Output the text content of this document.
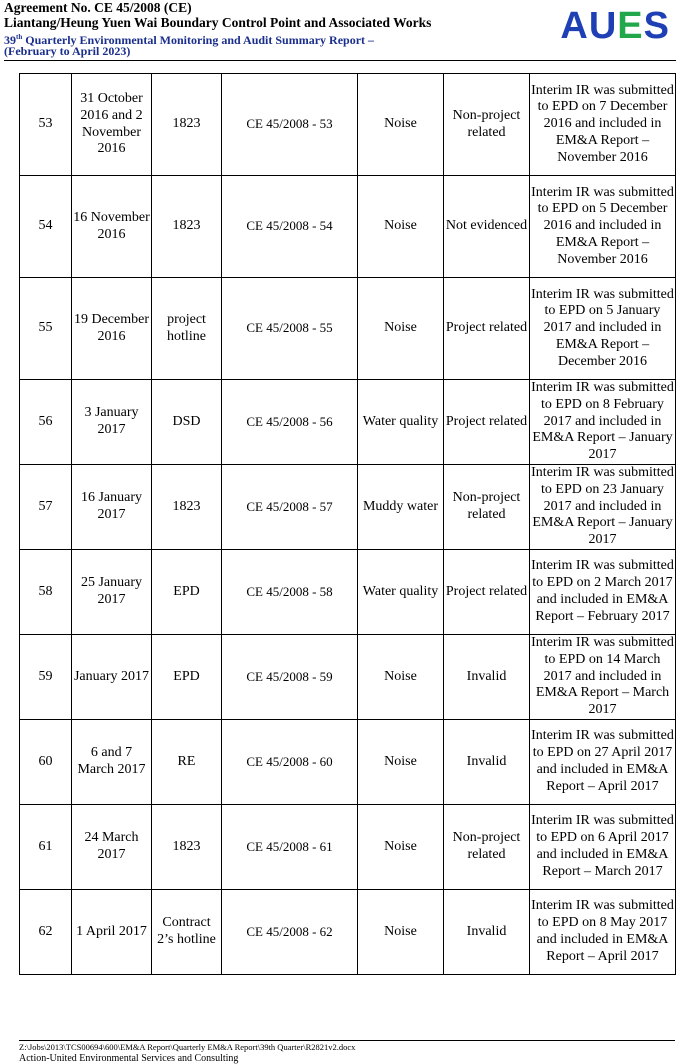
Agreement No. CE 45/2008 (CE)
Liantang/Heung Yuen Wai Boundary Control Point and Associated Works
39th Quarterly Environmental Monitoring and Audit Summary Report –
(February to April 2023)
AUES
53	31 October 2016 and 2 November 2016	1823	CE 45/2008 - 53	Noise	Non-project related	Interim IR was submitted to EPD on 7 December 2016 and included in EM&A Report – November 2016
54	16 November 2016	1823	CE 45/2008 - 54	Noise	Not evidenced	Interim IR was submitted to EPD on 5 December 2016 and included in EM&A Report – November 2016
55	19 December 2016	project hotline	CE 45/2008 - 55	Noise	Project related	Interim IR was submitted to EPD on 5 January 2017 and included in EM&A Report – December 2016
56	3 January 2017	DSD	CE 45/2008 - 56	Water quality	Project related	Interim IR was submitted to EPD on 8 February 2017 and included in EM&A Report – January 2017
57	16 January 2017	1823	CE 45/2008 - 57	Muddy water	Non-project related	Interim IR was submitted to EPD on 23 January 2017 and included in EM&A Report – January 2017
58	25 January 2017	EPD	CE 45/2008 - 58	Water quality	Project related	Interim IR was submitted to EPD on 2 March 2017 and included in EM&A Report – February 2017
59	January 2017	EPD	CE 45/2008 - 59	Noise	Invalid	Interim IR was submitted to EPD on 14 March 2017 and included in EM&A Report – March 2017
60	6 and 7 March 2017	RE	CE 45/2008 - 60	Noise	Invalid	Interim IR was submitted to EPD on 27 April 2017 and included in EM&A Report – April 2017
61	24 March 2017	1823	CE 45/2008 - 61	Noise	Non-project related	Interim IR was submitted to EPD on 6 April 2017 and included in EM&A Report – March 2017
62	1 April 2017	Contract 2’s hotline	CE 45/2008 - 62	Noise	Invalid	Interim IR was submitted to EPD on 8 May 2017 and included in EM&A Report – April 2017
Z:\Jobs\2013\TCS00694\600\EM&A Report\Quarterly EM&A Report\39th Quarter\R2821v2.docx
Action-United Environmental Services and Consulting
